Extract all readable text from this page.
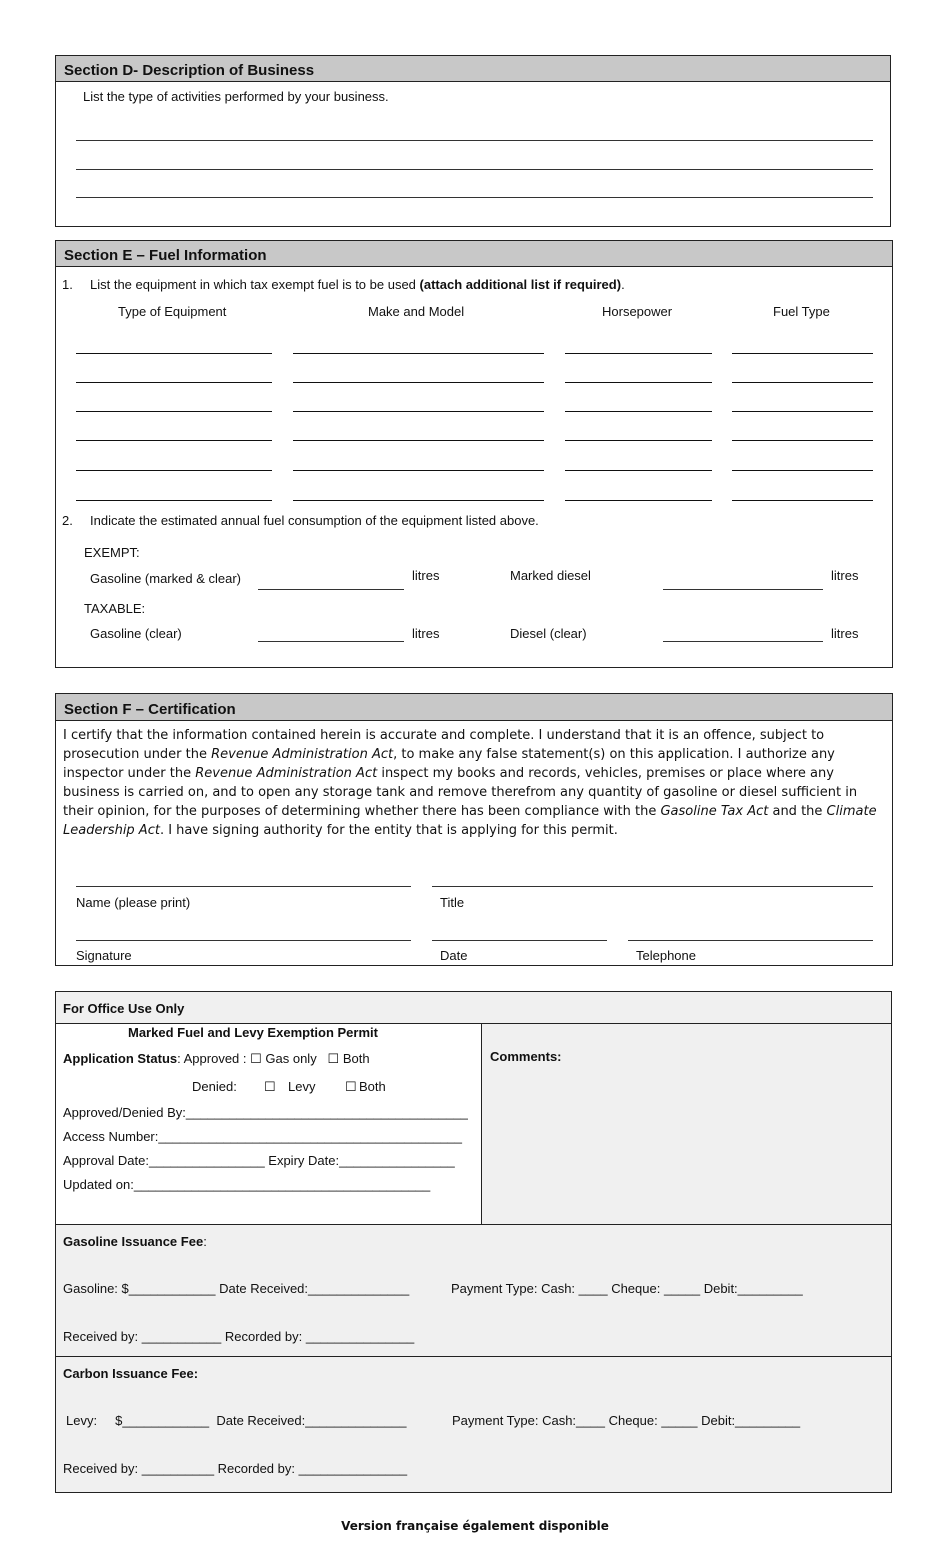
Section D- Description of Business
List the type of activities performed by your business.
Section E – Fuel Information
1. List the equipment in which tax exempt fuel is to be used (attach additional list if required).
Type of Equipment	Make and Model	Horsepower	Fuel Type
2. Indicate the estimated annual fuel consumption of the equipment listed above.
EXEMPT:
Gasoline (marked & clear)	litres	Marked diesel	litres
TAXABLE:
Gasoline (clear)	litres	Diesel (clear)	litres
Section F – Certification
I certify that the information contained herein is accurate and complete. I understand that it is an offence, subject to prosecution under the Revenue Administration Act, to make any false statement(s) on this application. I authorize any inspector under the Revenue Administration Act inspect my books and records, vehicles, premises or place where any business is carried on, and to open any storage tank and remove therefrom any quantity of gasoline or diesel sufficient in their opinion, for the purposes of determining whether there has been compliance with the Gasoline Tax Act and the Climate Leadership Act. I have signing authority for the entity that is applying for this permit.
Name (please print)	Title
Signature	Date	Telephone
For Office Use Only
Marked Fuel and Levy Exemption Permit
Application Status: Approved : ☐ Gas only ☐ Both
Denied: ☐ Levy ☐ Both
Approved/Denied By:_______________________________________
Access Number:__________________________________________
Approval Date:________________ Expiry Date:________________
Updated on:_________________________________________
Comments:
Gasoline Issuance Fee:
Gasoline: $____________ Date Received:______________	Payment Type: Cash: ____ Cheque: _____ Debit:_________
Received by: ___________ Recorded by: _______________
Carbon Issuance Fee:
Levy:     $____________  Date Received:______________	Payment Type: Cash:____ Cheque: _____ Debit:_________
Received by: __________ Recorded by: _______________
Version française également disponible
